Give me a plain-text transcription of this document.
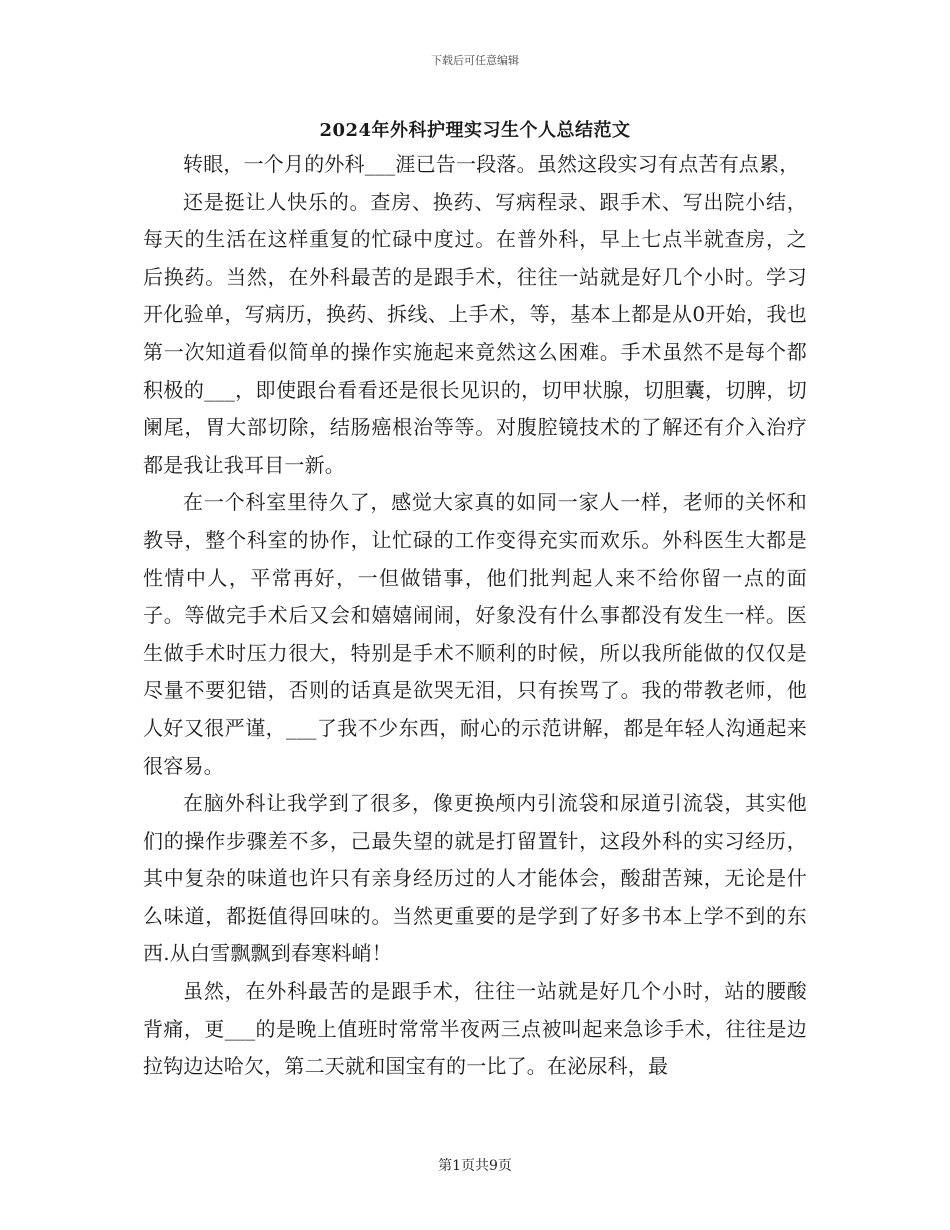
下载后可任意编辑
2024年外科护理实习生个人总结范文

转眼，一个月的外科___涯已告一段落。虽然这段实习有点苦有点累，

还是挺让人快乐的。查房、换药、写病程录、跟手术、写出院小结，每天的生活在这样重复的忙碌中度过。在普外科，早上七点半就查房，之后换药。当然，在外科最苦的是跟手术，往往一站就是好几个小时。学习开化验单，写病历，换药、拆线、上手术，等，基本上都是从0开始，我也第一次知道看似简单的操作实施起来竟然这么困难。手术虽然不是每个都积极的___，即使跟台看看还是很长见识的，切甲状腺，切胆囊，切脾，切阑尾，胃大部切除，结肠癌根治等等。对腹腔镜技术的了解还有介入治疗都是我让我耳目一新。

在一个科室里待久了，感觉大家真的如同一家人一样，老师的关怀和教导，整个科室的协作，让忙碌的工作变得充实而欢乐。外科医生大都是性情中人，平常再好，一但做错事，他们批判起人来不给你留一点的面子。等做完手术后又会和嬉嬉闹闹，好象没有什么事都没有发生一样。医生做手术时压力很大，特别是手术不顺利的时候，所以我所能做的仅仅是尽量不要犯错，否则的话真是欲哭无泪，只有挨骂了。我的带教老师，他人好又很严谨，___了我不少东西，耐心的示范讲解，都是年轻人沟通起来很容易。

在脑外科让我学到了很多，像更换颅内引流袋和尿道引流袋，其实他们的操作步骤差不多，己最失望的就是打留置针，这段外科的实习经历，其中复杂的味道也许只有亲身经历过的人才能体会，酸甜苦辣，无论是什么味道，都挺值得回味的。当然更重要的是学到了好多书本上学不到的东西.从白雪飘飘到春寒料峭！

虽然，在外科最苦的是跟手术，往往一站就是好几个小时，站的腰酸背痛，更___的是晚上值班时常常半夜两三点被叫起来急诊手术，往往是边拉钩边达哈欠，第二天就和国宝有的一比了。在泌尿科，最

第1页共9页
